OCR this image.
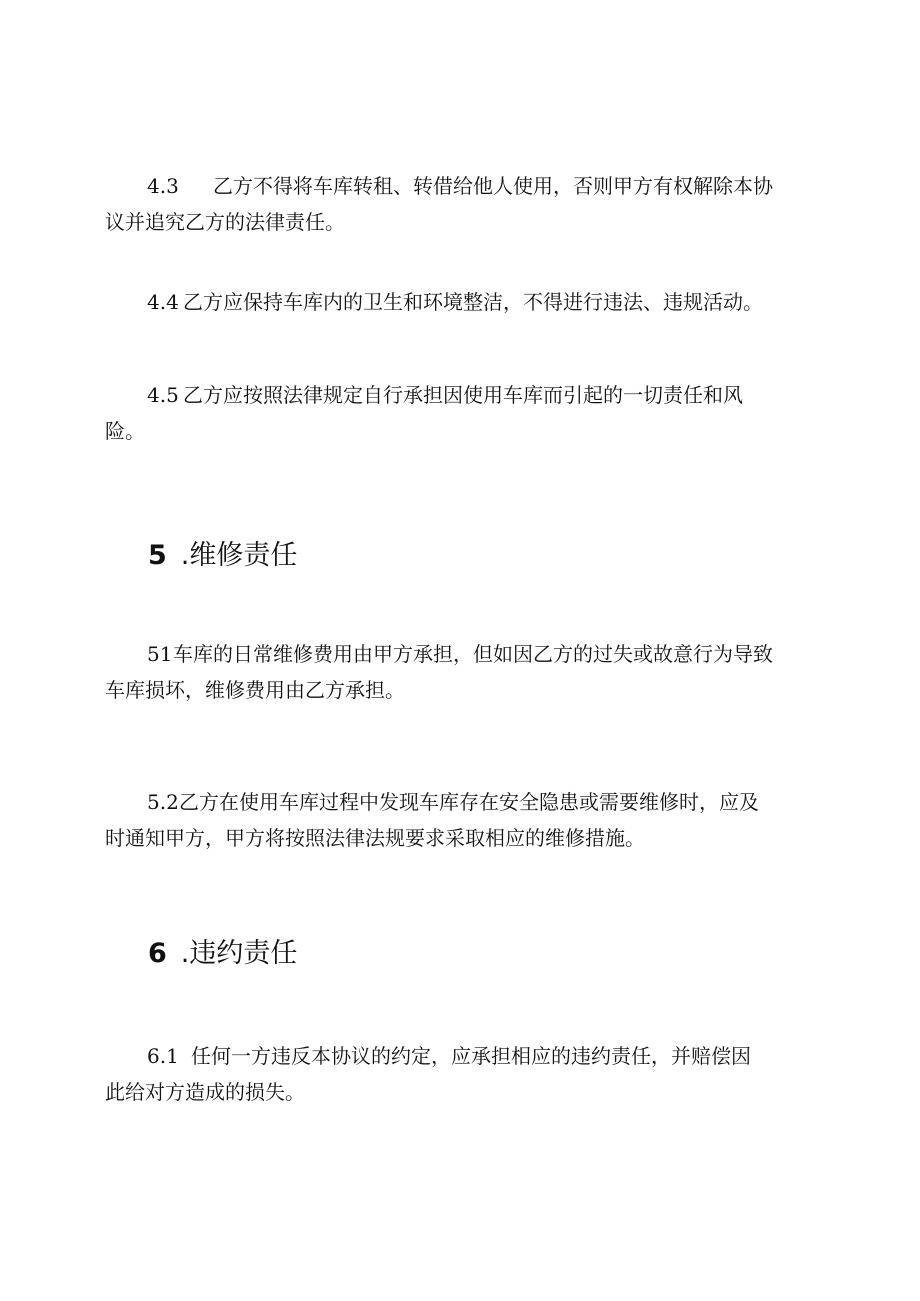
4.3 乙方不得将车库转租、转借给他人使用，否则甲方有权解除本协
议并追究乙方的法律责任。
4.4 乙方应保持车库内的卫生和环境整洁，不得进行违法、违规活动。
4.5 乙方应按照法律规定自行承担因使用车库而引起的一切责任和风
险。
5 .维修责任
51车库的日常维修费用由甲方承担，但如因乙方的过失或故意行为导致
车库损坏，维修费用由乙方承担。
5.2乙方在使用车库过程中发现车库存在安全隐患或需要维修时，应及
时通知甲方，甲方将按照法律法规要求采取相应的维修措施。
6 .违约责任
6.1 任何一方违反本协议的约定，应承担相应的违约责任，并赔偿因
此给对方造成的损失。
